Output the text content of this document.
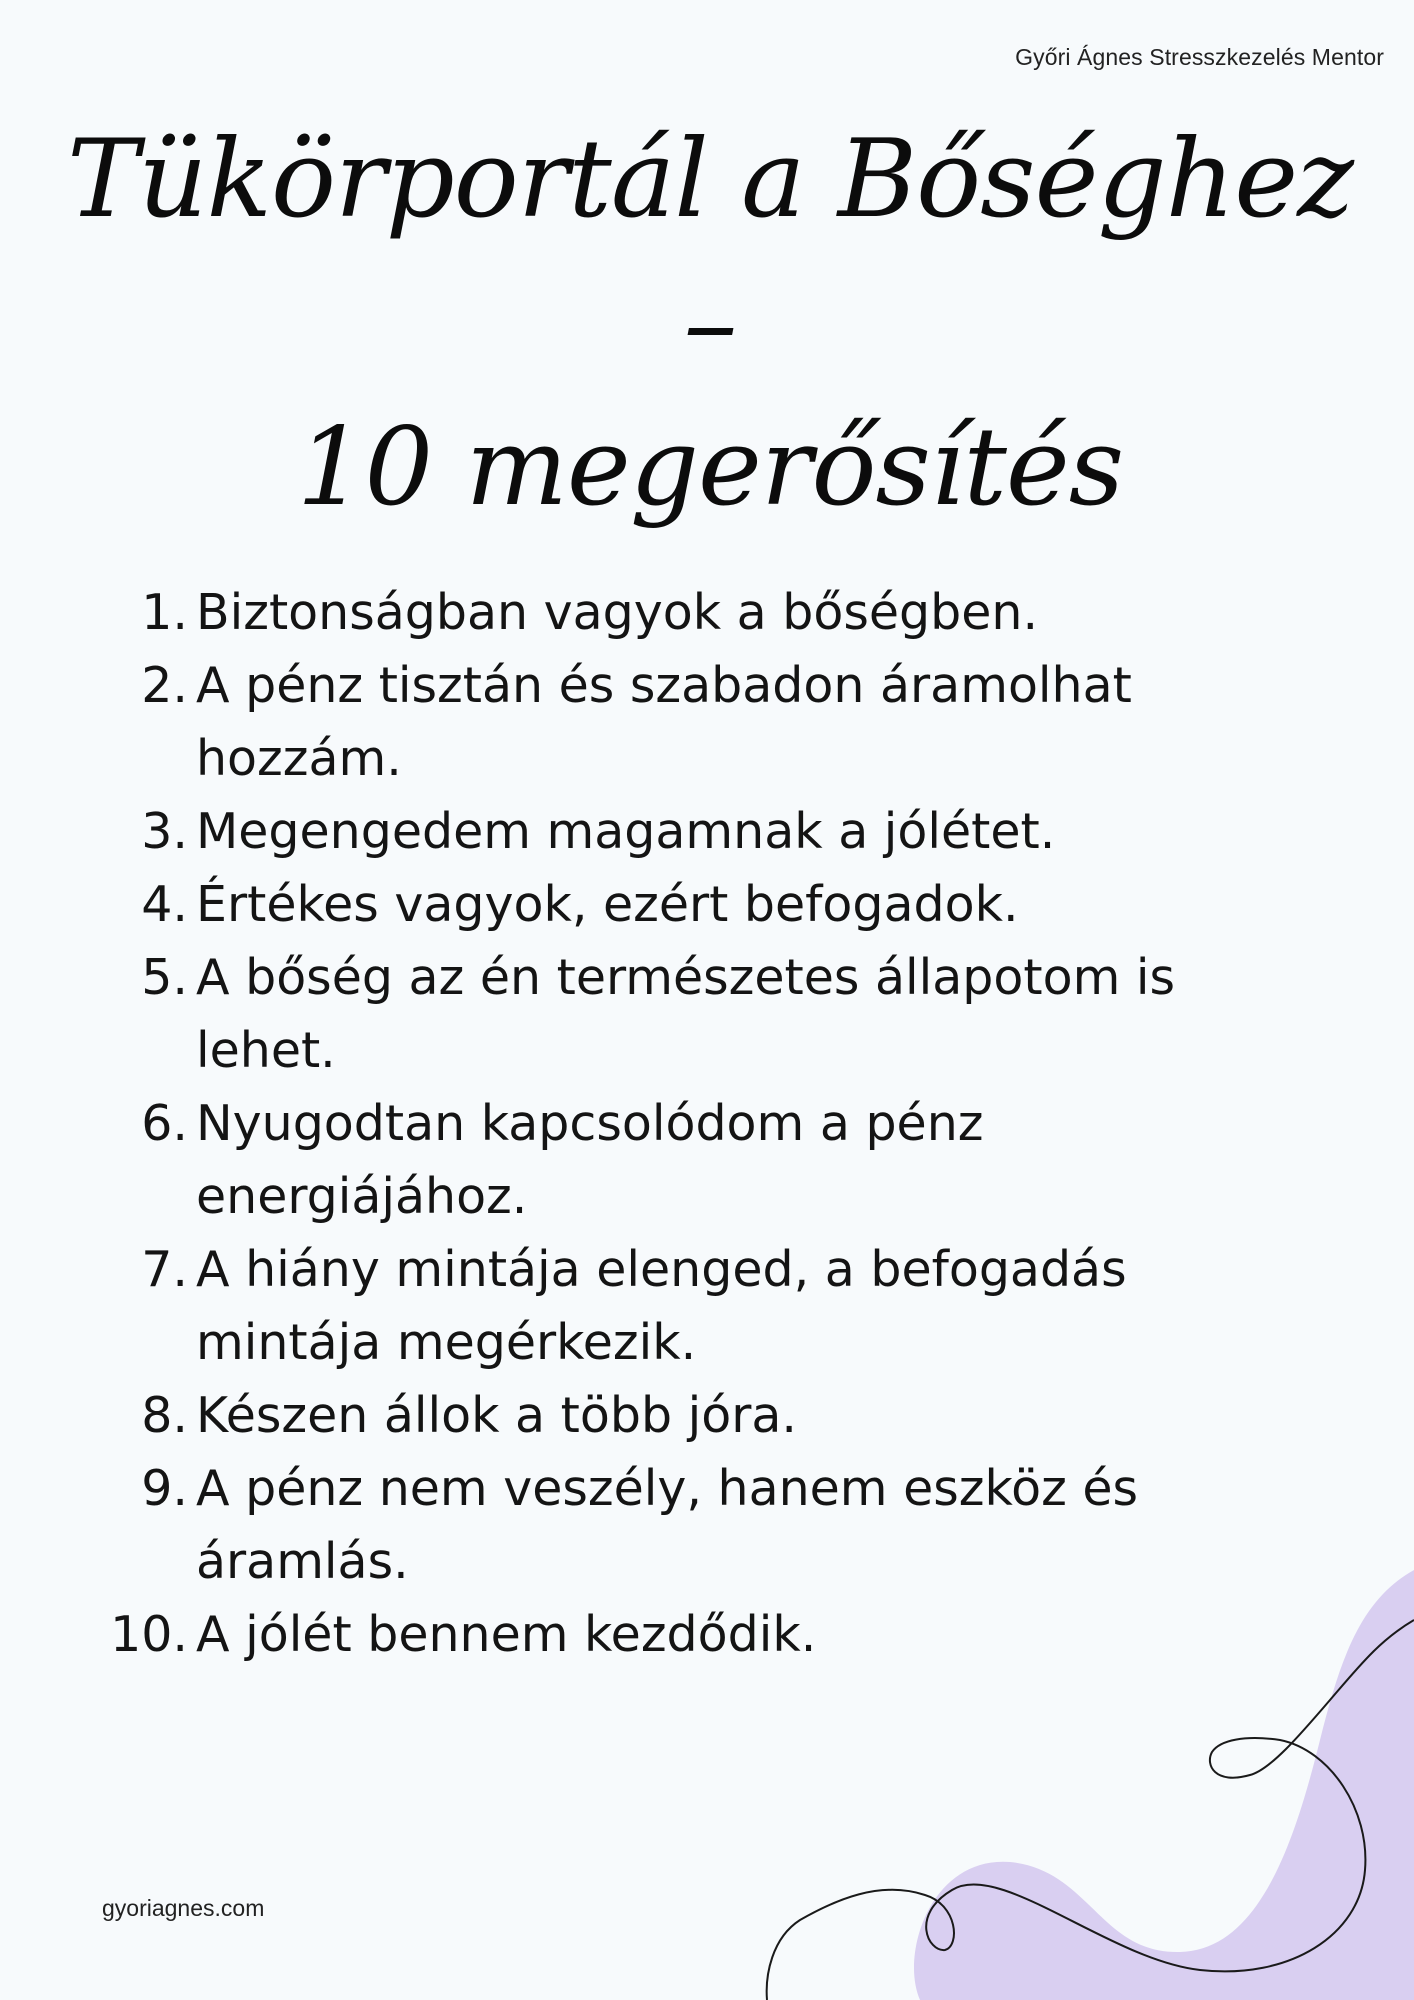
Győri Ágnes Stresszkezelés Mentor
Tükörportál a Bőséghez –
10 megerősítés
1. Biztonságban vagyok a bőségben.
2. A pénz tisztán és szabadon áramolhat hozzám.
3. Megengedem magamnak a jólétet.
4. Értékes vagyok, ezért befogadok.
5. A bőség az én természetes állapotom is lehet.
6. Nyugodtan kapcsolódom a pénz energiájához.
7. A hiány mintája elenged, a befogadás mintája megérkezik.
8. Készen állok a több jóra.
9. A pénz nem veszély, hanem eszköz és áramlás.
10. A jólét bennem kezdődik.
gyoriagnes.com
